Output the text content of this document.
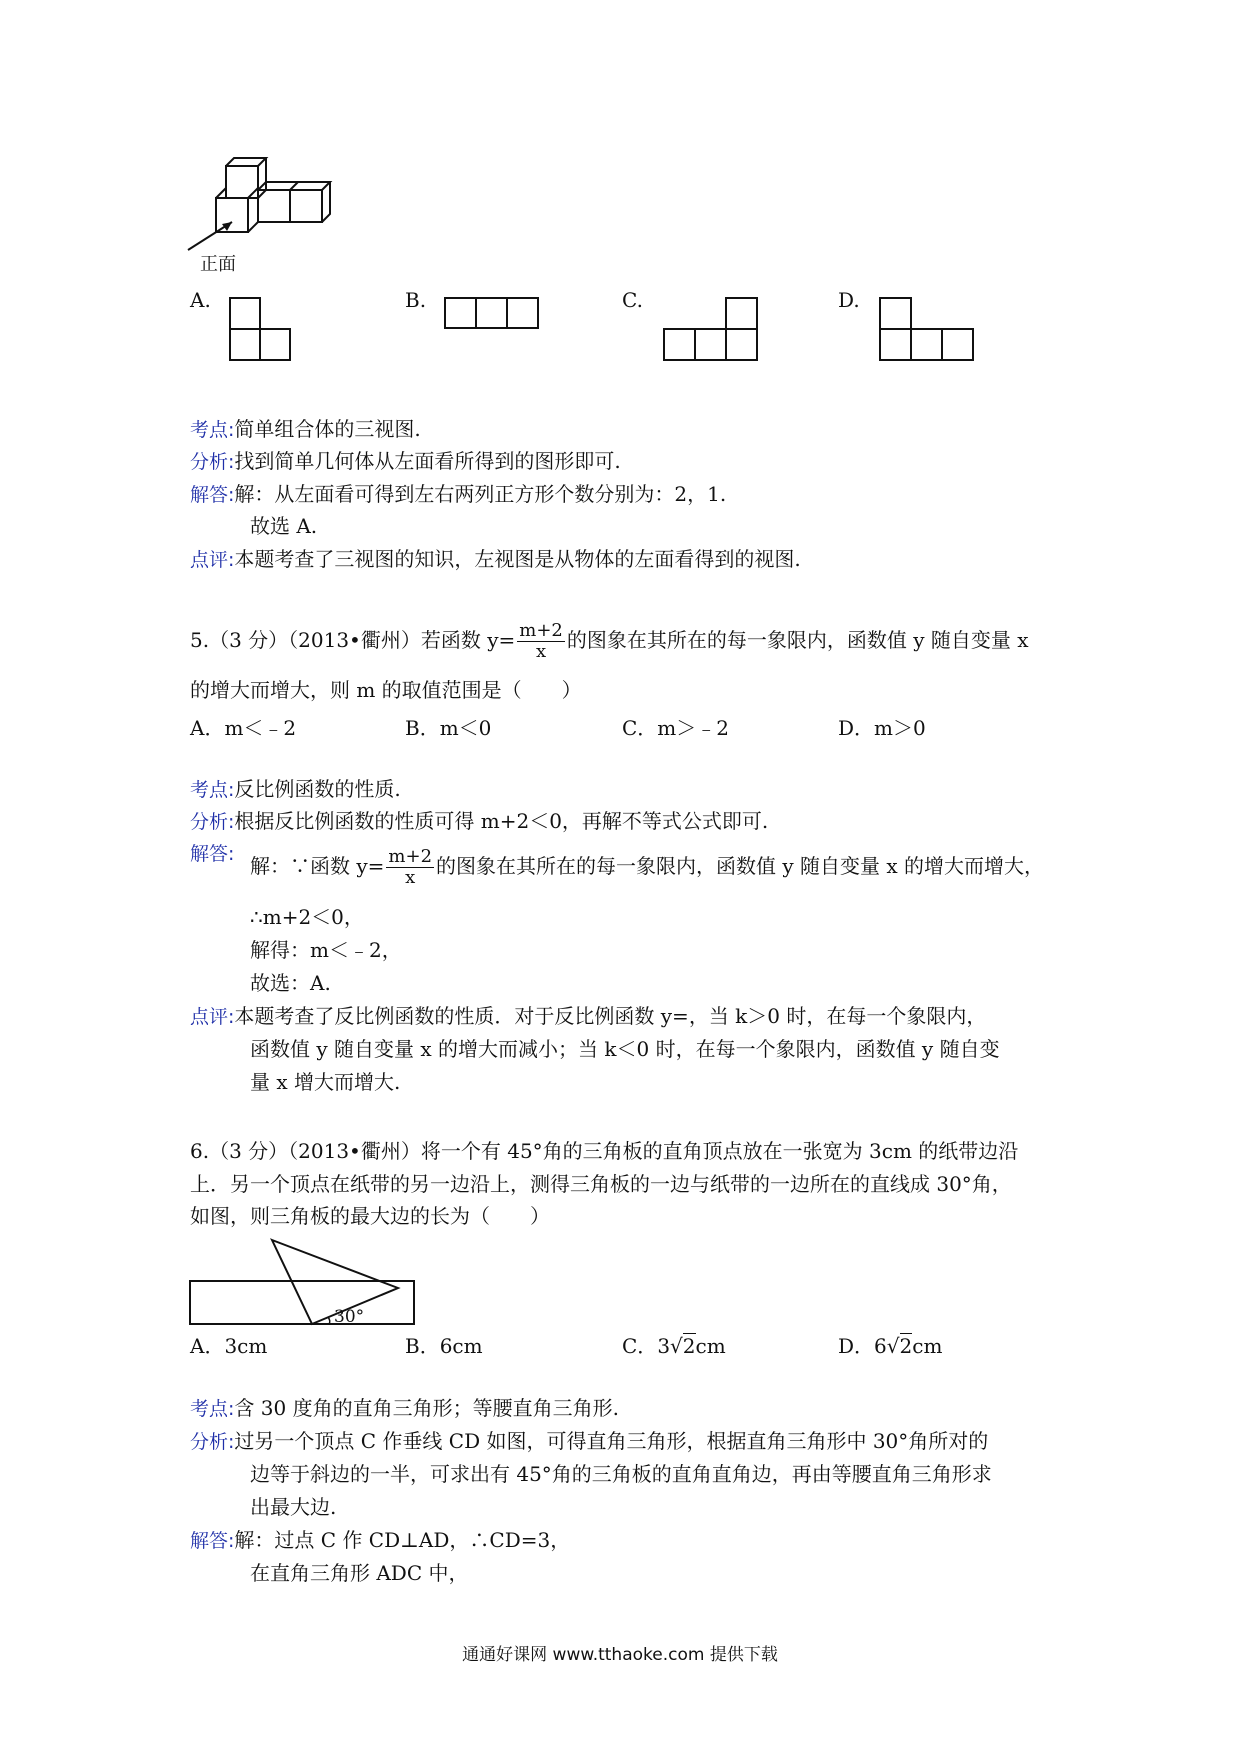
正面
A.	B.	C.	D.
考点:简单组合体的三视图.
分析:找到简单几何体从左面看所得到的图形即可.
解答:解：从左面看可得到左右两列正方形个数分别为：2，1.
故选 A.
点评:本题考查了三视图的知识，左视图是从物体的左面看得到的视图.
5.（3 分）（2013•衢州）若函数 $y= \frac{m+2}{x}$ 的图象在其所在的每一象限内，函数值 y 随自变量 x
的增大而增大，则 m 的取值范围是（　　）
A．m＜﹣2	B．m＜0	C．m＞﹣2	D．m＞0
考点:反比例函数的性质.
分析:根据反比例函数的性质可得 m+2＜0，再解不等式公式即可.
解答: 解：∵函数 $y= \frac{m+2}{x}$ 的图象在其所在的每一象限内，函数值 y 随自变量 x 的增大而增大，
∴m+2＜0，
解得：m＜﹣2，
故选：A.
点评:本题考查了反比例函数的性质．对于反比例函数 y=，当 k＞0 时，在每一个象限内，
函数值 y 随自变量 x 的增大而减小；当 k＜0 时，在每一个象限内，函数值 y 随自变
量 x 增大而增大.
6.（3 分）（2013•衢州）将一个有 45°角的三角板的直角顶点放在一张宽为 3cm 的纸带边沿
上．另一个顶点在纸带的另一边沿上，测得三角板的一边与纸带的一边所在的直线成 30°角，
如图，则三角板的最大边的长为（　　）
30°
A．3cm	B．6cm	C．3√2cm	D．6√2cm
考点:含 30 度角的直角三角形；等腰直角三角形.
分析:过另一个顶点 C 作垂线 CD 如图，可得直角三角形，根据直角三角形中 30°角所对的
边等于斜边的一半，可求出有 45°角的三角板的直角直角边，再由等腰直角三角形求
出最大边.
解答:解：过点 C 作 CD⊥AD，∴CD=3，
在直角三角形 ADC 中，
通通好课网 www.tthaoke.com 提供下载
